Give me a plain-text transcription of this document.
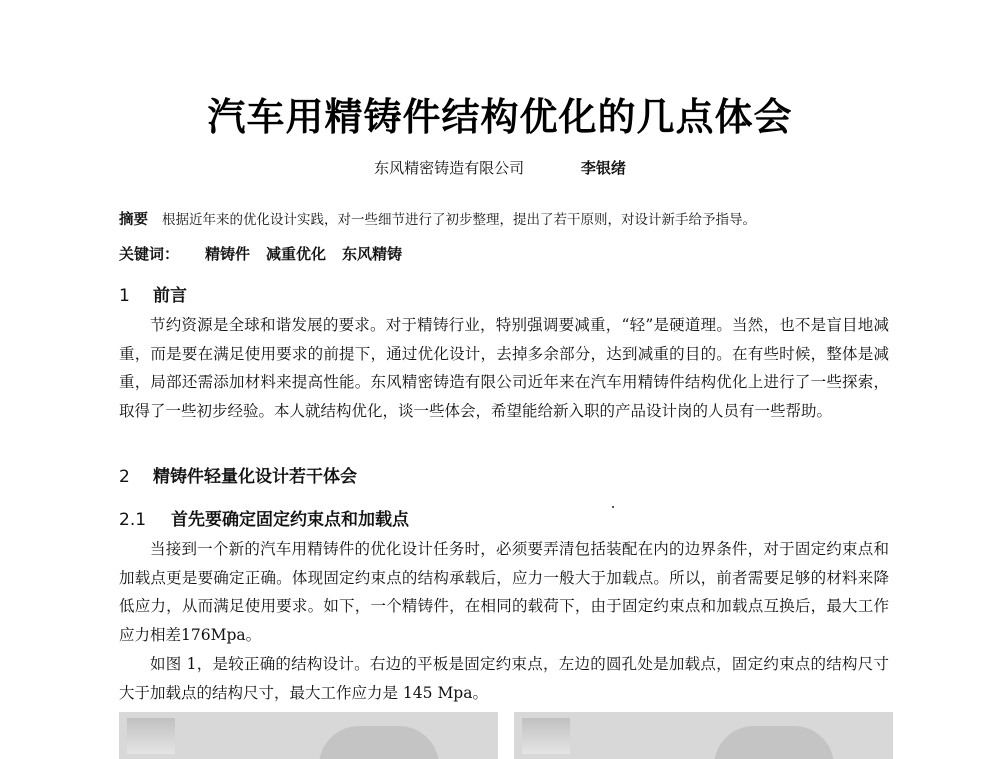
汽车用精铸件结构优化的几点体会
东风精密铸造有限公司	李银绪
摘要 根据近年来的优化设计实践，对一些细节进行了初步整理，提出了若干原则，对设计新手给予指导。
关键词： 精铸件 减重优化 东风精铸
1 前言
节约资源是全球和谐发展的要求。对于精铸行业，特别强调要减重，“轻”是硬道理。当然，也不是盲目地减重，而是要在满足使用要求的前提下，通过优化设计，去掉多余部分，达到减重的目的。在有些时候，整体是减重，局部还需添加材料来提高性能。东风精密铸造有限公司近年来在汽车用精铸件结构优化上进行了一些探索，取得了一些初步经验。本人就结构优化，谈一些体会，希望能给新入职的产品设计岗的人员有一些帮助。
2 精铸件轻量化设计若干体会
2.1 首先要确定固定约束点和加载点
当接到一个新的汽车用精铸件的优化设计任务时，必须要弄清包括装配在内的边界条件，对于固定约束点和加载点更是要确定正确。体现固定约束点的结构承载后，应力一般大于加载点。所以，前者需要足够的材料来降低应力，从而满足使用要求。如下，一个精铸件，在相同的载荷下，由于固定约束点和加载点互换后，最大工作应力相差176Mpa。
如图 1，是较正确的结构设计。右边的平板是固定约束点，左边的圆孔处是加载点，固定约束点的结构尺寸大于加载点的结构尺寸，最大工作应力是 145 Mpa。
